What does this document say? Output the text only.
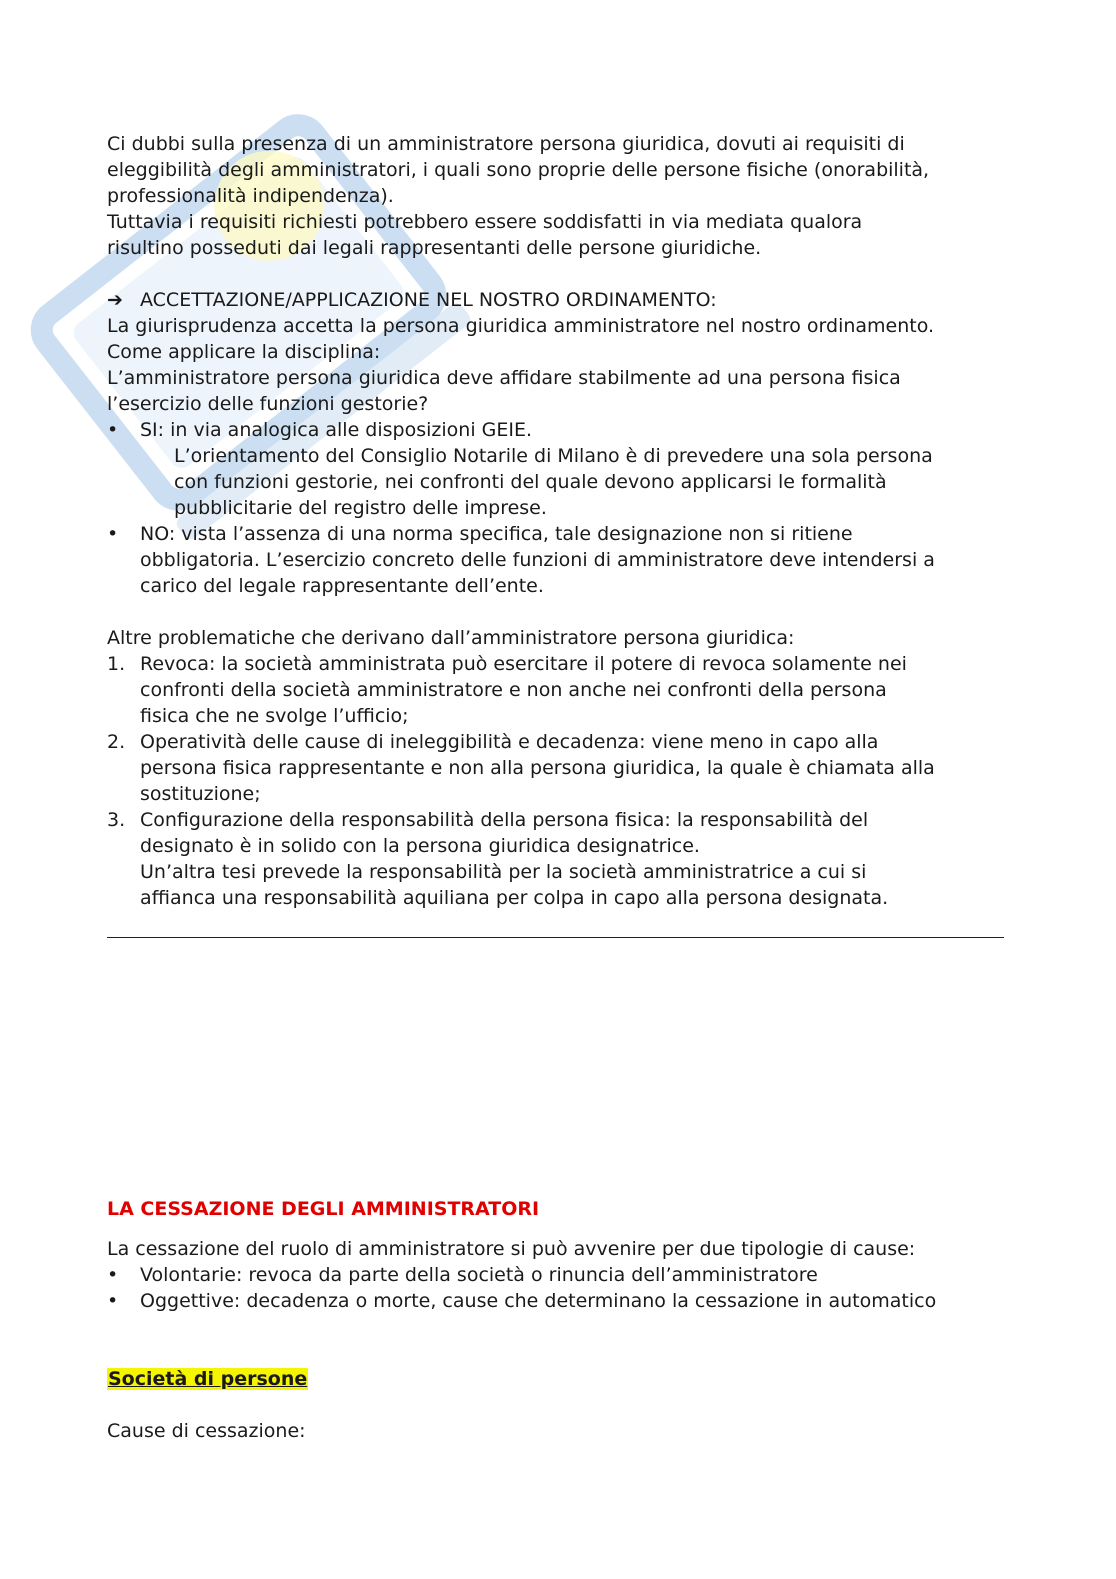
Ci dubbi sulla presenza di un amministratore persona giuridica, dovuti ai requisiti di

eleggibilità degli amministratori, i quali sono proprie delle persone fisiche (onorabilità,

professionalità indipendenza).

Tuttavia i requisiti richiesti potrebbero essere soddisfatti in via mediata qualora

risultino posseduti dai legali rappresentanti delle persone giuridiche.

➔ ACCETTAZIONE/APPLICAZIONE NEL NOSTRO ORDINAMENTO:

La giurisprudenza accetta la persona giuridica amministratore nel nostro ordinamento.

Come applicare la disciplina:

L’amministratore persona giuridica deve affidare stabilmente ad una persona fisica

l’esercizio delle funzioni gestorie?

• SI: in via analogica alle disposizioni GEIE.

L’orientamento del Consiglio Notarile di Milano è di prevedere una sola persona

con funzioni gestorie, nei confronti del quale devono applicarsi le formalità

pubblicitarie del registro delle imprese.

• NO: vista l’assenza di una norma specifica, tale designazione non si ritiene

obbligatoria. L’esercizio concreto delle funzioni di amministratore deve intendersi a

carico del legale rappresentante dell’ente.

Altre problematiche che derivano dall’amministratore persona giuridica:

1. Revoca: la società amministrata può esercitare il potere di revoca solamente nei

confronti della società amministratore e non anche nei confronti della persona

fisica che ne svolge l’ufficio;

2. Operatività delle cause di ineleggibilità e decadenza: viene meno in capo alla

persona fisica rappresentante e non alla persona giuridica, la quale è chiamata alla

sostituzione;

3. Configurazione della responsabilità della persona fisica: la responsabilità del

designato è in solido con la persona giuridica designatrice.

Un’altra tesi prevede la responsabilità per la società amministratrice a cui si

affianca una responsabilità aquiliana per colpa in capo alla persona designata.

LA CESSAZIONE DEGLI AMMINISTRATORI

La cessazione del ruolo di amministratore si può avvenire per due tipologie di cause:

• Volontarie: revoca da parte della società o rinuncia dell’amministratore

• Oggettive: decadenza o morte, cause che determinano la cessazione in automatico

Società di persone

Cause di cessazione:
